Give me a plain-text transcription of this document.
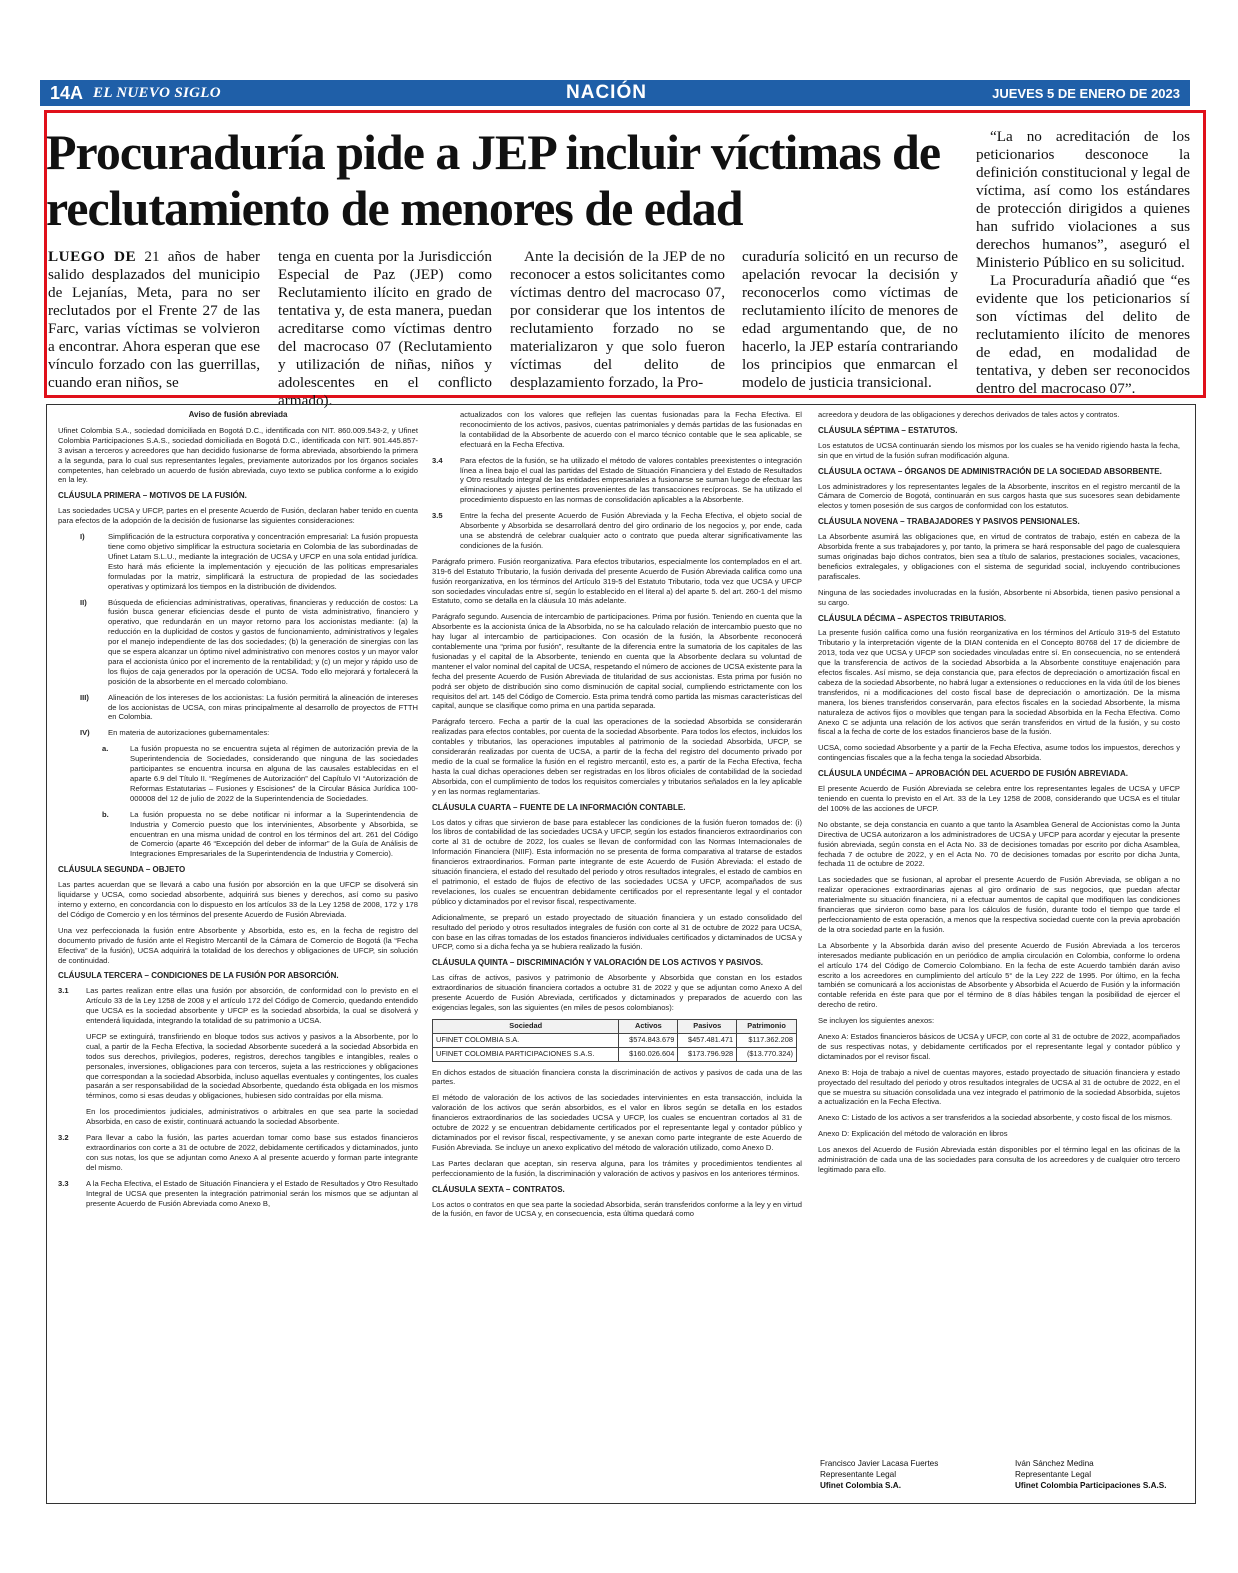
14A EL NUEVO SIGLO	NACIÓN	JUEVES 5 DE ENERO DE 2023
Procuraduría pide a JEP incluir víctimas de reclutamiento de menores de edad

LUEGO DE 21 años de haber salido desplazados del municipio de Lejanías, Meta, para no ser reclutados por el Frente 27 de las Farc, varias víctimas se volvieron a encontrar. Ahora esperan que ese vínculo forzado con las guerrillas, cuando eran niños, se

tenga en cuenta por la Jurisdicción Especial de Paz (JEP) como Reclutamiento ilícito en grado de tentativa y, de esta manera, puedan acreditarse como víctimas dentro del macrocaso 07 (Reclutamiento y utilización de niñas, niños y adolescentes en el conflicto armado).

Ante la decisión de la JEP de no reconocer a estos solicitantes como víctimas dentro del macrocaso 07, por considerar que los intentos de reclutamiento forzado no se materializaron y que solo fueron víctimas del delito de desplazamiento forzado, la Pro-

curaduría solicitó en un recurso de apelación revocar la decisión y reconocerlos como víctimas de reclutamiento ilícito de menores de edad argumentando que, de no hacerlo, la JEP estaría contrariando los principios que enmarcan el modelo de justicia transicional.

“La no acreditación de los peticionarios desconoce la definición constitucional y legal de víctima, así como los estándares de protección dirigidos a quienes han sufrido violaciones a sus derechos humanos”, aseguró el Ministerio Público en su solicitud.

La Procuraduría añadió que “es evidente que los peticionarios sí son víctimas del delito de reclutamiento ilícito de menores de edad, en modalidad de tentativa, y deben ser reconocidos dentro del macrocaso 07”.

Aviso de fusión abreviada

Ufinet Colombia S.A., sociedad domiciliada en Bogotá D.C., identificada con NIT. 860.009.543-2, y Ufinet Colombia Participaciones S.A.S., sociedad domiciliada en Bogotá D.C., identificada con NIT. 901.445.857-3 avisan a terceros y acreedores que han decidido fusionarse de forma abreviada, absorbiendo la primera a la segunda, para lo cual sus representantes legales, previamente autorizados por los órganos sociales competentes, han celebrado un acuerdo de fusión abreviada, cuyo texto se publica conforme a lo exigido en la ley.

CLÁUSULA PRIMERA – MOTIVOS DE LA FUSIÓN.

Las sociedades UCSA y UFCP, partes en el presente Acuerdo de Fusión, declaran haber tenido en cuenta para efectos de la adopción de la decisión de fusionarse las siguientes consideraciones:

I)	Simplificación de la estructura corporativa y concentración empresarial: La fusión propuesta tiene como objetivo simplificar la estructura societaria en Colombia de las subordinadas de Ufinet Latam S.L.U., mediante la integración de UCSA y UFCP en una sola entidad jurídica. Esto hará más eficiente la implementación y ejecución de las políticas empresariales formuladas por la matriz, simplificará la estructura de propiedad de las sociedades operativas y optimizará los tiempos en la distribución de dividendos.
II)	Búsqueda de eficiencias administrativas, operativas, financieras y reducción de costos: La fusión busca generar eficiencias desde el punto de vista administrativo, financiero y operativo, que redundarán en un mayor retorno para los accionistas mediante: (a) la reducción en la duplicidad de costos y gastos de funcionamiento, administrativos y legales por el manejo independiente de las dos sociedades; (b) la generación de sinergias con las que se espera alcanzar un óptimo nivel administrativo con menores costos y un mayor valor para el accionista único por el incremento de la rentabilidad; y (c) un mejor y rápido uso de los flujos de caja generados por la operación de UCSA. Todo ello mejorará y fortalecerá la posición de la absorbente en el mercado colombiano.
III)	Alineación de los intereses de los accionistas: La fusión permitirá la alineación de intereses de los accionistas de UCSA, con miras principalmente al desarrollo de proyectos de FTTH en Colombia.
IV)	En materia de autorizaciones gubernamentales:
a.	La fusión propuesta no se encuentra sujeta al régimen de autorización previa de la Superintendencia de Sociedades, considerando que ninguna de las sociedades participantes se encuentra incursa en alguna de las causales establecidas en el aparte 6.9 del Título II. “Regímenes de Autorización” del Capítulo VI “Autorización de Reformas Estatutarias – Fusiones y Escisiones” de la Circular Básica Jurídica 100-000008 del 12 de julio de 2022 de la Superintendencia de Sociedades.
b.	La fusión propuesta no se debe notificar ni informar a la Superintendencia de Industria y Comercio puesto que los intervinientes, Absorbente y Absorbida, se encuentran en una misma unidad de control en los términos del art. 261 del Código de Comercio (aparte 46 “Excepción del deber de informar” de la Guía de Análisis de Integraciones Empresariales de la Superintendencia de Industria y Comercio).
CLÁUSULA SEGUNDA – OBJETO

Las partes acuerdan que se llevará a cabo una fusión por absorción en la que UFCP se disolverá sin liquidarse y UCSA, como sociedad absorbente, adquirirá sus bienes y derechos, así como su pasivo interno y externo, en concordancia con lo dispuesto en los artículos 33 de la Ley 1258 de 2008, 172 y 178 del Código de Comercio y en los términos del presente Acuerdo de Fusión Abreviada.

Una vez perfeccionada la fusión entre Absorbente y Absorbida, esto es, en la fecha de registro del documento privado de fusión ante el Registro Mercantil de la Cámara de Comercio de Bogotá (la “Fecha Efectiva” de la fusión), UCSA adquirirá la totalidad de los derechos y obligaciones de UFCP, sin solución de continuidad.

CLÁUSULA TERCERA – CONDICIONES DE LA FUSIÓN POR ABSORCIÓN.
3.1	Las partes realizan entre ellas una fusión por absorción, de conformidad con lo previsto en el Artículo 33 de la Ley 1258 de 2008 y el artículo 172 del Código de Comercio, quedando entendido que UCSA es la sociedad absorbente y UFCP es la sociedad absorbida, la cual se disolverá y entenderá liquidada, integrando la totalidad de su patrimonio a UCSA.

UFCP se extinguirá, transfiriendo en bloque todos sus activos y pasivos a la Absorbente, por lo cual, a partir de la Fecha Efectiva, la sociedad Absorbente sucederá a la sociedad Absorbida en todos sus derechos, privilegios, poderes, registros, derechos tangibles e intangibles, reales o personales, inversiones, obligaciones para con terceros, sujeta a las restricciones y obligaciones que correspondan a la sociedad Absorbida, incluso aquellas eventuales y contingentes, los cuales pasarán a ser responsabilidad de la sociedad Absorbente, quedando ésta obligada en los mismos términos, como si esas deudas y obligaciones, hubiesen sido contraídas por ella misma.

En los procedimientos judiciales, administrativos o arbitrales en que sea parte la sociedad Absorbida, en caso de existir, continuará actuando la sociedad Absorbente.

3.2	Para llevar a cabo la fusión, las partes acuerdan tomar como base sus estados financieros extraordinarios con corte a 31 de octubre de 2022, debidamente certificados y dictaminados, junto con sus notas, los que se adjuntan como Anexo A al presente acuerdo y forman parte integrante del mismo.
3.3	A la Fecha Efectiva, el Estado de Situación Financiera y el Estado de Resultados y Otro Resultado Integral de UCSA que presenten la integración patrimonial serán los mismos que se adjuntan al presente Acuerdo de Fusión Abreviada como Anexo B,

actualizados con los valores que reflejen las cuentas fusionadas para la Fecha Efectiva. El reconocimiento de los activos, pasivos, cuentas patrimoniales y demás partidas de las fusionadas en la contabilidad de la Absorbente de acuerdo con el marco técnico contable que le sea aplicable, se efectuará en la Fecha Efectiva.

3.4	Para efectos de la fusión, se ha utilizado el método de valores contables preexistentes o integración línea a línea bajo el cual las partidas del Estado de Situación Financiera y del Estado de Resultados y Otro resultado integral de las entidades empresariales a fusionarse se suman luego de efectuar las eliminaciones y ajustes pertinentes provenientes de las transacciones recíprocas. Se ha utilizado el procedimiento dispuesto en las normas de consolidación aplicables a la Absorbente.
3.5	Entre la fecha del presente Acuerdo de Fusión Abreviada y la Fecha Efectiva, el objeto social de Absorbente y Absorbida se desarrollará dentro del giro ordinario de los negocios y, por ende, cada una se abstendrá de celebrar cualquier acto o contrato que pueda alterar significativamente las condiciones de la fusión.

Parágrafo primero. Fusión reorganizativa. Para efectos tributarios, especialmente los contemplados en el art. 319-6 del Estatuto Tributario, la fusión derivada del presente Acuerdo de Fusión Abreviada califica como una fusión reorganizativa, en los términos del Artículo 319-5 del Estatuto Tributario, toda vez que UCSA y UFCP son sociedades vinculadas entre sí, según lo establecido en el literal a) del aparte 5. del art. 260-1 del mismo Estatuto, como se detalla en la cláusula 10 más adelante.

Parágrafo segundo. Ausencia de intercambio de participaciones. Prima por fusión. Teniendo en cuenta que la Absorbente es la accionista única de la Absorbida, no se ha calculado relación de intercambio puesto que no hay lugar al intercambio de participaciones. Con ocasión de la fusión, la Absorbente reconocerá contablemente una “prima por fusión”, resultante de la diferencia entre la sumatoria de los capitales de las fusionadas y el capital de la Absorbente, teniendo en cuenta que la Absorbente declara su voluntad de mantener el valor nominal del capital de UCSA, respetando el número de acciones de UCSA existente para la fecha del presente Acuerdo de Fusión Abreviada de titularidad de sus accionistas. Esta prima por fusión no podrá ser objeto de distribución sino como disminución de capital social, cumpliendo estrictamente con los requisitos del art. 145 del Código de Comercio. Esta prima tendrá como partida las mismas características del capital, aunque se clasifique como prima en una partida separada.

Parágrafo tercero. Fecha a partir de la cual las operaciones de la sociedad Absorbida se considerarán realizadas para efectos contables, por cuenta de la sociedad Absorbente. Para todos los efectos, incluidos los contables y tributarios, las operaciones imputables al patrimonio de la sociedad Absorbida, UFCP, se considerarán realizadas por cuenta de UCSA, a partir de la fecha del registro del documento privado por medio de la cual se formalice la fusión en el registro mercantil, esto es, a partir de la Fecha Efectiva, fecha hasta la cual dichas operaciones deben ser registradas en los libros oficiales de contabilidad de la sociedad Absorbida, con el cumplimiento de todos los requisitos comerciales y tributarios señalados en la ley aplicable y en las normas reglamentarias.

CLÁUSULA CUARTA – FUENTE DE LA INFORMACIÓN CONTABLE.

Los datos y cifras que sirvieron de base para establecer las condiciones de la fusión fueron tomados de: (i) los libros de contabilidad de las sociedades UCSA y UFCP, según los estados financieros extraordinarios con corte al 31 de octubre de 2022, los cuales se llevan de conformidad con las Normas Internacionales de Información Financiera (NIIF). Esta información no se presenta de forma comparativa al tratarse de estados financieros extraordinarios. Forman parte integrante de este Acuerdo de Fusión Abreviada: el estado de situación financiera, el estado del resultado del periodo y otros resultados integrales, el estado de cambios en el patrimonio, el estado de flujos de efectivo de las sociedades UCSA y UFCP, acompañados de sus revelaciones, los cuales se encuentran debidamente certificados por el representante legal y el contador público y dictaminados por el revisor fiscal, respectivamente.

Adicionalmente, se preparó un estado proyectado de situación financiera y un estado consolidado del resultado del periodo y otros resultados integrales de fusión con corte al 31 de octubre de 2022 para UCSA, con base en las cifras tomadas de los estados financieros individuales certificados y dictaminados de UCSA y UFCP, como si a dicha fecha ya se hubiera realizado la fusión.

CLÁUSULA QUINTA – DISCRIMINACIÓN Y VALORACIÓN DE LOS ACTIVOS Y PASIVOS.

Las cifras de activos, pasivos y patrimonio de Absorbente y Absorbida que constan en los estados extraordinarios de situación financiera cortados a octubre 31 de 2022 y que se adjuntan como Anexo A del presente Acuerdo de Fusión Abreviada, certificados y dictaminados y preparados de acuerdo con las exigencias legales, son las siguientes (en miles de pesos colombianos):

Sociedad	Activos	Pasivos	Patrimonio
UFINET COLOMBIA S.A.	$574.843.679	$457.481.471	$117.362.208
UFINET COLOMBIA PARTICIPACIONES S.A.S.	$160.026.604	$173.796.928	($13.770.324)

En dichos estados de situación financiera consta la discriminación de activos y pasivos de cada una de las partes.

El método de valoración de los activos de las sociedades intervinientes en esta transacción, incluida la valoración de los activos que serán absorbidos, es el valor en libros según se detalla en los estados financieros extraordinarios de las sociedades UCSA y UFCP, los cuales se encuentran cortados al 31 de octubre de 2022 y se encuentran debidamente certificados por el representante legal y contador público y dictaminados por el revisor fiscal, respectivamente, y se anexan como parte integrante de este Acuerdo de Fusión Abreviada. Se incluye un anexo explicativo del método de valoración utilizado, como Anexo D.

Las Partes declaran que aceptan, sin reserva alguna, para los trámites y procedimientos tendientes al perfeccionamiento de la fusión, la discriminación y valoración de activos y pasivos en los anteriores términos.

CLÁUSULA SEXTA – CONTRATOS.

Los actos o contratos en que sea parte la sociedad Absorbida, serán transferidos conforme a la ley y en virtud de la fusión, en favor de UCSA y, en consecuencia, esta última quedará como

acreedora y deudora de las obligaciones y derechos derivados de tales actos y contratos.

CLÁUSULA SÉPTIMA – ESTATUTOS.

Los estatutos de UCSA continuarán siendo los mismos por los cuales se ha venido rigiendo hasta la fecha, sin que en virtud de la fusión sufran modificación alguna.

CLÁUSULA OCTAVA – ÓRGANOS DE ADMINISTRACIÓN DE LA SOCIEDAD ABSORBENTE.

Los administradores y los representantes legales de la Absorbente, inscritos en el registro mercantil de la Cámara de Comercio de Bogotá, continuarán en sus cargos hasta que sus sucesores sean debidamente electos y tomen posesión de sus cargos de conformidad con los estatutos.

CLÁUSULA NOVENA – TRABAJADORES Y PASIVOS PENSIONALES.

La Absorbente asumirá las obligaciones que, en virtud de contratos de trabajo, estén en cabeza de la Absorbida frente a sus trabajadores y, por tanto, la primera se hará responsable del pago de cualesquiera sumas originadas bajo dichos contratos, bien sea a título de salarios, prestaciones sociales, vacaciones, beneficios extralegales, y obligaciones con el sistema de seguridad social, incluyendo contribuciones parafiscales.

Ninguna de las sociedades involucradas en la fusión, Absorbente ni Absorbida, tienen pasivo pensional a su cargo.

CLÁUSULA DÉCIMA – ASPECTOS TRIBUTARIOS.

La presente fusión califica como una fusión reorganizativa en los términos del Artículo 319-5 del Estatuto Tributario y la interpretación vigente de la DIAN contenida en el Concepto 80768 del 17 de diciembre de 2013, toda vez que UCSA y UFCP son sociedades vinculadas entre sí. En consecuencia, no se entenderá que la transferencia de activos de la sociedad Absorbida a la Absorbente constituye enajenación para efectos fiscales. Así mismo, se deja constancia que, para efectos de depreciación o amortización fiscal en cabeza de la sociedad Absorbente, no habrá lugar a extensiones o reducciones en la vida útil de los bienes transferidos, ni a modificaciones del costo fiscal base de depreciación o amortización. De la misma manera, los bienes transferidos conservarán, para efectos fiscales en la sociedad Absorbente, la misma naturaleza de activos fijos o movibles que tengan para la sociedad Absorbida en la Fecha Efectiva. Como Anexo C se adjunta una relación de los activos que serán transferidos en virtud de la fusión, y su costo fiscal a la fecha de corte de los estados financieros base de la fusión.

UCSA, como sociedad Absorbente y a partir de la Fecha Efectiva, asume todos los impuestos, derechos y contingencias fiscales que a la fecha tenga la sociedad Absorbida.

CLÁUSULA UNDÉCIMA – APROBACIÓN DEL ACUERDO DE FUSIÓN ABREVIADA.

El presente Acuerdo de Fusión Abreviada se celebra entre los representantes legales de UCSA y UFCP teniendo en cuenta lo previsto en el Art. 33 de la Ley 1258 de 2008, considerando que UCSA es el titular del 100% de las acciones de UFCP.

No obstante, se deja constancia en cuanto a que tanto la Asamblea General de Accionistas como la Junta Directiva de UCSA autorizaron a los administradores de UCSA y UFCP para acordar y ejecutar la presente fusión abreviada, según consta en el Acta No. 33 de decisiones tomadas por escrito por dicha Asamblea, fechada 7 de octubre de 2022, y en el Acta No. 70 de decisiones tomadas por escrito por dicha Junta, fechada 11 de octubre de 2022.

Las sociedades que se fusionan, al aprobar el presente Acuerdo de Fusión Abreviada, se obligan a no realizar operaciones extraordinarias ajenas al giro ordinario de sus negocios, que puedan afectar materialmente su situación financiera, ni a efectuar aumentos de capital que modifiquen las condiciones financieras que sirvieron como base para los cálculos de fusión, durante todo el tiempo que tarde el perfeccionamiento de esta operación, a menos que la respectiva sociedad cuente con la previa aprobación de la otra sociedad parte en la fusión.

La Absorbente y la Absorbida darán aviso del presente Acuerdo de Fusión Abreviada a los terceros interesados mediante publicación en un periódico de amplia circulación en Colombia, conforme lo ordena el artículo 174 del Código de Comercio Colombiano. En la fecha de este Acuerdo también darán aviso escrito a los acreedores en cumplimiento del artículo 5° de la Ley 222 de 1995. Por último, en la fecha también se comunicará a los accionistas de Absorbente y Absorbida el Acuerdo de Fusión y la información contable referida en éste para que por el término de 8 días hábiles tengan la posibilidad de ejercer el derecho de retiro.

Se incluyen los siguientes anexos:

Anexo A: Estados financieros básicos de UCSA y UFCP, con corte al 31 de octubre de 2022, acompañados de sus respectivas notas, y debidamente certificados por el representante legal y contador público y dictaminados por el revisor fiscal.

Anexo B: Hoja de trabajo a nivel de cuentas mayores, estado proyectado de situación financiera y estado proyectado del resultado del periodo y otros resultados integrales de UCSA al 31 de octubre de 2022, en el que se muestra su situación consolidada una vez integrado el patrimonio de la sociedad Absorbida, sujetos a actualización en la Fecha Efectiva.

Anexo C: Listado de los activos a ser transferidos a la sociedad absorbente, y costo fiscal de los mismos.

Anexo D: Explicación del método de valoración en libros

Los anexos del Acuerdo de Fusión Abreviada están disponibles por el término legal en las oficinas de la administración de cada una de las sociedades para consulta de los acreedores y de cualquier otro tercero legitimado para ello.

Francisco Javier Lacasa Fuertes
Representante Legal
Ufinet Colombia S.A.
Iván Sánchez Medina
Representante Legal
Ufinet Colombia Participaciones S.A.S.
